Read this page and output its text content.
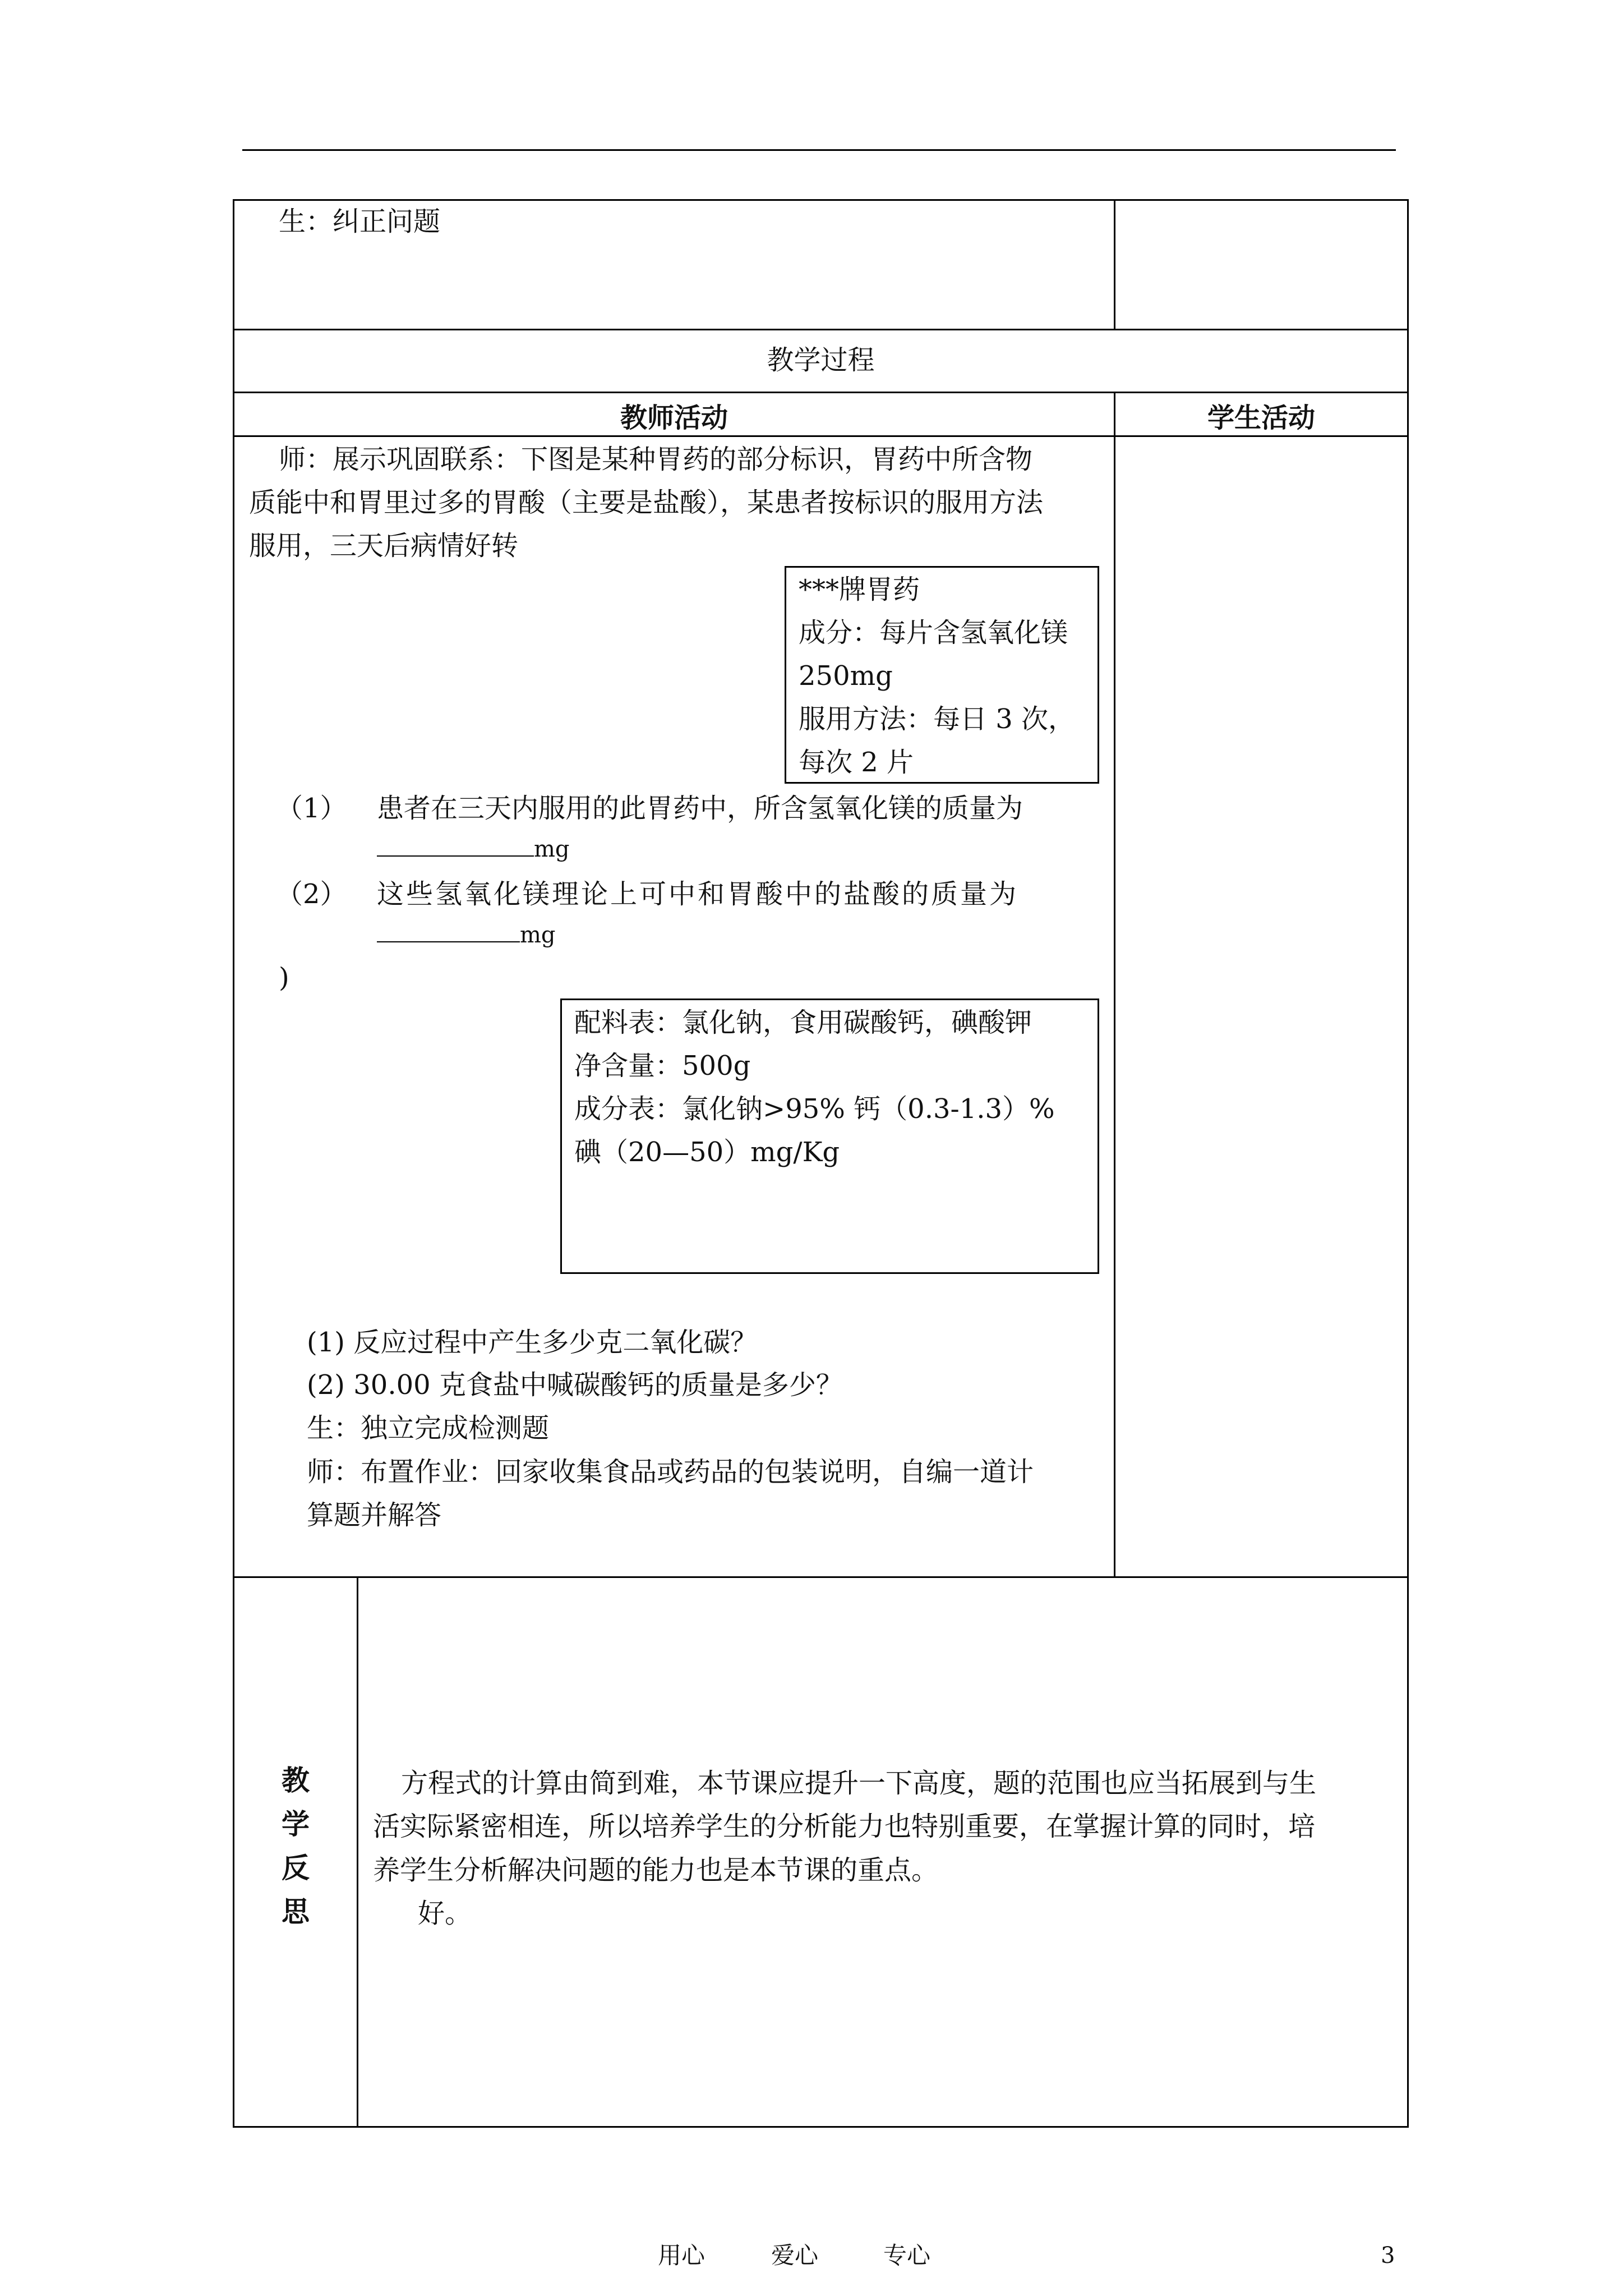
生：纠正问题
教学过程
教师活动	学生活动
师：展示巩固联系：下图是某种胃药的部分标识，胃药中所含物
质能中和胃里过多的胃酸（主要是盐酸），某患者按标识的服用方法
服用，三天后病情好转
***牌胃药
成分：每片含氢氧化镁
250mg
服用方法：每日 3 次，
每次 2 片
（1） 患者在三天内服用的此胃药中，所含氢氧化镁的质量为
mg
（2） 这些氢氧化镁理论上可中和胃酸中的盐酸的质量为
mg
)
配料表：氯化钠，食用碳酸钙，碘酸钾
净含量：500g
成分表：氯化钠>95% 钙（0.3-1.3）%
碘（20—50）mg/Kg
(1) 反应过程中产生多少克二氧化碳？
(2) 30.00 克食盐中喊碳酸钙的质量是多少？
生：独立完成检测题
师：布置作业：回家收集食品或药品的包装说明，自编一道计
算题并解答
教
学
反
思
方程式的计算由简到难，本节课应提升一下高度，题的范围也应当拓展到与生
活实际紧密相连，所以培养学生的分析能力也特别重要，在掌握计算的同时，培
养学生分析解决问题的能力也是本节课的重点。
好。
用心	爱心	专心	3
